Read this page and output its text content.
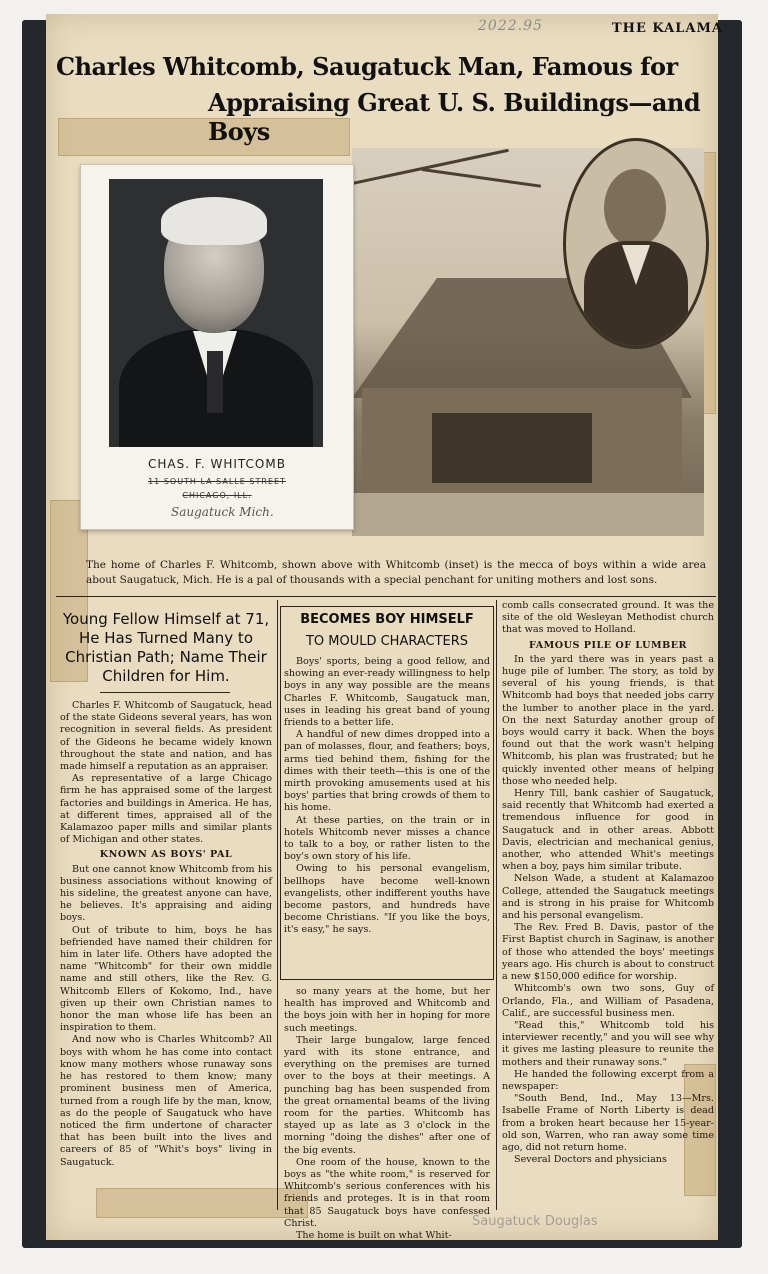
2022.95	THE KALAMA
Charles Whitcomb, Saugatuck Man, Famous for
Appraising Great U. S. Buildings—and Boys
CHAS. F. WHITCOMB
11 SOUTH LA SALLE STREET
CHICAGO, ILL.
Saugatuck Mich.
The home of Charles F. Whitcomb, shown above with Whitcomb (inset) is the mecca of boys within a wide area about Saugatuck, Mich. He is a pal of thousands with a special penchant for uniting mothers and lost sons.
Young Fellow Himself at 71, He Has Turned Many to Christian Path; Name Their Children for Him.

Charles F. Whitcomb of Saugatuck, head of the state Gideons several years, has won recognition in several fields. As president of the Gideons he became widely known throughout the state and nation, and has made himself a reputation as an appraiser.

As representative of a large Chicago firm he has appraised some of the largest factories and buildings in America. He has, at different times, appraised all of the Kalamazoo paper mills and similar plants of Michigan and other states.

KNOWN AS BOYS' PAL

But one cannot know Whitcomb from his business associations without knowing of his sideline, the greatest anyone can have, he believes. It's appraising and aiding boys.

Out of tribute to him, boys he has befriended have named their children for him in later life. Others have adopted the name "Whitcomb" for their own middle name and still others, like the Rev. G. Whitcomb Ellers of Kokomo, Ind., have given up their own Christian names to honor the man whose life has been an inspiration to them.

And now who is Charles Whitcomb? All boys with whom he has come into contact know many mothers whose runaway sons he has restored to them know; many prominent business men of America, turned from a rough life by the man, know, as do the people of Saugatuck who have noticed the firm undertone of character that has been built into the lives and careers of 85 of "Whit's boys" living in Saugatuck.

BECOMES BOY HIMSELF
TO MOULD CHARACTERS

Boys' sports, being a good fellow, and showing an ever-ready willingness to help boys in any way possible are the means Charles F. Whitcomb, Saugatuck man, uses in leading his great band of young friends to a better life.

A handful of new dimes dropped into a pan of molasses, flour, and feathers; boys, arms tied behind them, fishing for the dimes with their teeth—this is one of the mirth provoking amusements used at his boys' parties that bring crowds of them to his home.

At these parties, on the train or in hotels Whitcomb never misses a chance to talk to a boy, or rather listen to the boy's own story of his life.

Owing to his personal evangelism, bellhops have become well-known evangelists, other indifferent youths have become pastors, and hundreds have become Christians. "If you like the boys, it's easy," he says.

so many years at the home, but her health has improved and Whitcomb and the boys join with her in hoping for more such meetings.

Their large bungalow, large fenced yard with its stone entrance, and everything on the premises are turned over to the boys at their meetings. A punching bag has been suspended from the great ornamental beams of the living room for the parties. Whitcomb has stayed up as late as 3 o'clock in the morning "doing the dishes" after one of the big events.

One room of the house, known to the boys as "the white room," is reserved for Whitcomb's serious conferences with his friends and proteges. It is in that room that 85 Saugatuck boys have confessed Christ.

The home is built on what Whit-

comb calls consecrated ground. It was the site of the old Wesleyan Methodist church that was moved to Holland.

FAMOUS PILE OF LUMBER

In the yard there was in years past a huge pile of lumber. The story, as told by several of his young friends, is that Whitcomb had boys that needed jobs carry the lumber to another place in the yard. On the next Saturday another group of boys would carry it back. When the boys found out that the work wasn't helping Whitcomb, his plan was frustrated; but he quickly invented other means of helping those who needed help.

Henry Till, bank cashier of Saugatuck, said recently that Whitcomb had exerted a tremendous influence for good in Saugatuck and in other areas. Abbott Davis, electrician and mechanical genius, another, who attended Whit's meetings when a boy, pays him similar tribute.

Nelson Wade, a student at Kalamazoo College, attended the Saugatuck meetings and is strong in his praise for Whitcomb and his personal evangelism.

The Rev. Fred B. Davis, pastor of the First Baptist church in Saginaw, is another of those who attended the boys' meetings years ago. His church is about to construct a new $150,000 edifice for worship.

Whitcomb's own two sons, Guy of Orlando, Fla., and William of Pasadena, Calif., are successful business men.

"Read this," Whitcomb told his interviewer recently," and you will see why it gives me lasting pleasure to reunite the mothers and their runaway sons."

He handed the following excerpt from a newspaper:

"South Bend, Ind., May 13—Mrs. Isabelle Frame of North Liberty is dead from a broken heart because her 15-year-old son, Warren, who ran away some time ago, did not return home.

Several Doctors and physicians

Saugatuck Douglas
